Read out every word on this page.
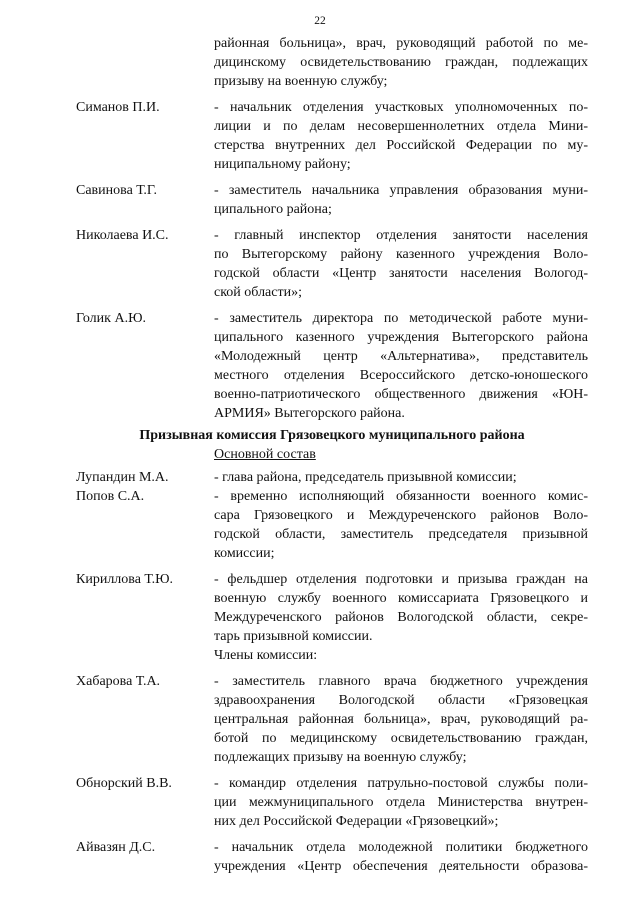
22
районная больница», врач, руководящий работой по ме-
дицинскому освидетельствованию граждан, подлежащих
призыву на военную службу;
Симанов П.И.	- начальник отделения участковых уполномоченных по-
лиции и по делам несовершеннолетних отдела Мини-
стерства внутренних дел Российской Федерации по му-
ниципальному району;
Савинова Т.Г.	- заместитель начальника управления образования муни-
ципального района;
Николаева И.С.	- главный инспектор отделения занятости населения
по Вытегорскому району казенного учреждения Воло-
годской области «Центр занятости населения Вологод-
ской области»;
Голик А.Ю.	- заместитель директора по методической работе муни-
ципального казенного учреждения Вытегорского района
«Молодежный центр «Альтернатива», представитель
местного отделения Всероссийского детско-юношеского
военно-патриотического общественного движения «ЮН-
АРМИЯ» Вытегорского района.
Призывная комиссия Грязовецкого муниципального района
Основной состав
Лупандин М.А.	- глава района, председатель призывной комиссии;
Попов С.А.	- временно исполняющий обязанности военного комис-
сара Грязовецкого и Междуреченского районов Воло-
годской области, заместитель председателя призывной
комиссии;
Кириллова Т.Ю.	- фельдшер отделения подготовки и призыва граждан на
военную службу военного комиссариата Грязовецкого и
Междуреченского районов Вологодской области, секре-
тарь призывной комиссии.
Члены комиссии:
Хабарова Т.А.	- заместитель главного врача бюджетного учреждения
здравоохранения Вологодской области «Грязовецкая
центральная районная больница», врач, руководящий ра-
ботой по медицинскому освидетельствованию граждан,
подлежащих призыву на военную службу;
Обнорский В.В.	- командир отделения патрульно-постовой службы поли-
ции межмуниципального отдела Министерства внутрен-
них дел Российской Федерации «Грязовецкий»;
Айвазян Д.С.	- начальник отдела молодежной политики бюджетного
учреждения «Центр обеспечения деятельности образова-
